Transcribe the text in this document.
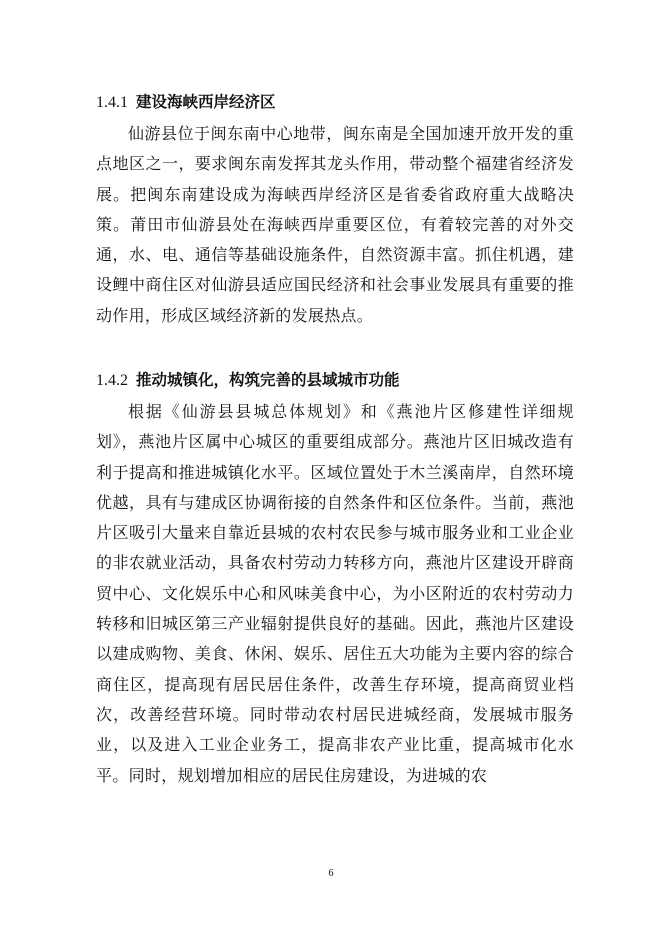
1.4.1 建设海峡西岸经济区

仙游县位于闽东南中心地带，闽东南是全国加速开放开发的重点地区之一，要求闽东南发挥其龙头作用，带动整个福建省经济发展。把闽东南建设成为海峡西岸经济区是省委省政府重大战略决策。莆田市仙游县处在海峡西岸重要区位，有着较完善的对外交通，水、电、通信等基础设施条件，自然资源丰富。抓住机遇，建设鲤中商住区对仙游县适应国民经济和社会事业发展具有重要的推动作用，形成区域经济新的发展热点。

1.4.2 推动城镇化，构筑完善的县域城市功能

根据《仙游县县城总体规划》和《燕池片区修建性详细规划》，燕池片区属中心城区的重要组成部分。燕池片区旧城改造有利于提高和推进城镇化水平。区域位置处于木兰溪南岸，自然环境优越，具有与建成区协调衔接的自然条件和区位条件。当前，燕池片区吸引大量来自靠近县城的农村农民参与城市服务业和工业企业的非农就业活动，具备农村劳动力转移方向，燕池片区建设开辟商贸中心、文化娱乐中心和风味美食中心，为小区附近的农村劳动力转移和旧城区第三产业辐射提供良好的基础。因此，燕池片区建设以建成购物、美食、休闲、娱乐、居住五大功能为主要内容的综合商住区，提高现有居民居住条件，改善生存环境，提高商贸业档次，改善经营环境。同时带动农村居民进城经商，发展城市服务业，以及进入工业企业务工，提高非农产业比重，提高城市化水平。同时，规划增加相应的居民住房建设，为进城的农

6
